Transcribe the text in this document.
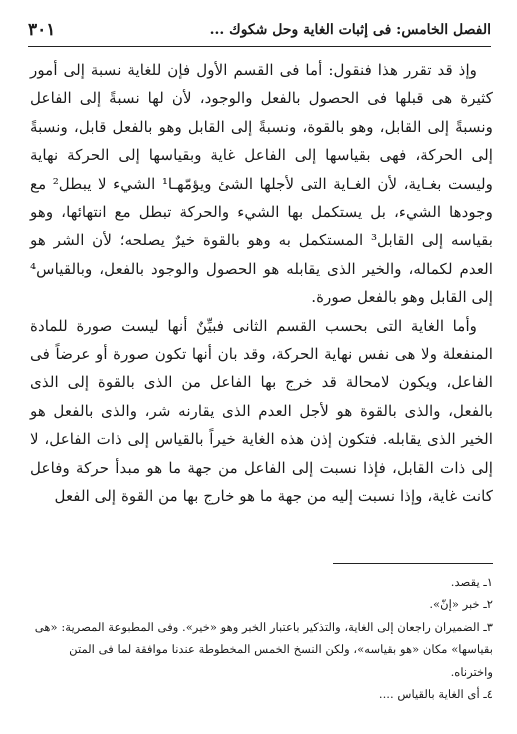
الفصل الخامس: فى إثبات الغاية وحل شكوك ...
٣٠١

وإذ قد تقرر هذا فنقول: أما فى القسم الأول فإن للغاية نسبة إلى أمور كثيرة هى قبلها فى الحصول بالفعل والوجود، لأن لها نسبةً إلى الفاعل ونسبةً إلى القابل، وهو بالقوة، ونسبةً إلى القابل وهو بالفعل قابل، ونسبةً إلى الحركة، فهى بقياسها إلى الفاعل غاية وبقياسها إلى الحركة نهاية وليست بغـاية، لأن الغـاية التى لأجلها الشئ ويؤمّهـا¹ الشيء لا يبطل² مع وجودها الشيء، بل يستكمل بها الشيء والحركة تبطل مع انتهائها، وهو بقياسه إلى القابل³ المستكمل به وهو بالقوة خيرٌ يصلحه؛ لأن الشر هو العدم لكماله، والخير الذى يقابله هو الحصول والوجود بالفعل، وبالقياس⁴ إلى القابل وهو بالفعل صورة.

وأما الغاية التى بحسب القسم الثانى فبيِّنٌ أنها ليست صورة للمادة المنفعلة ولا هى نفس نهاية الحركة، وقد بان أنها تكون صورة أو عرضاً فى الفاعل، ويكون لامحالة قد خرج بها الفاعل من الذى بالقوة إلى الذى بالفعل، والذى بالقوة هو لأجل العدم الذى يقارنه شر، والذى بالفعل هو الخير الذى يقابله. فتكون إذن هذه الغاية خيراً بالقياس إلى ذات الفاعل، لا إلى ذات القابل، فإذا نسبت إلى الفاعل من جهة ما هو مبدأ حركة وفاعل كانت غاية، وإذا نسبت إليه من جهة ما هو خارج بها من القوة إلى الفعل

١ـ يقصد.
٢ـ خبر «إنّ».
٣ـ الضميران راجعان إلى الغاية، والتذكير باعتبار الخبر وهو «خير». وفى المطبوعة المصرية: «هى بقياسها» مكان «هو بقياسه»، ولكن النسخ الخمس المخطوطة عندنا موافقة لما فى المتن واخترناه.
٤ـ أى الغاية بالقياس ....
